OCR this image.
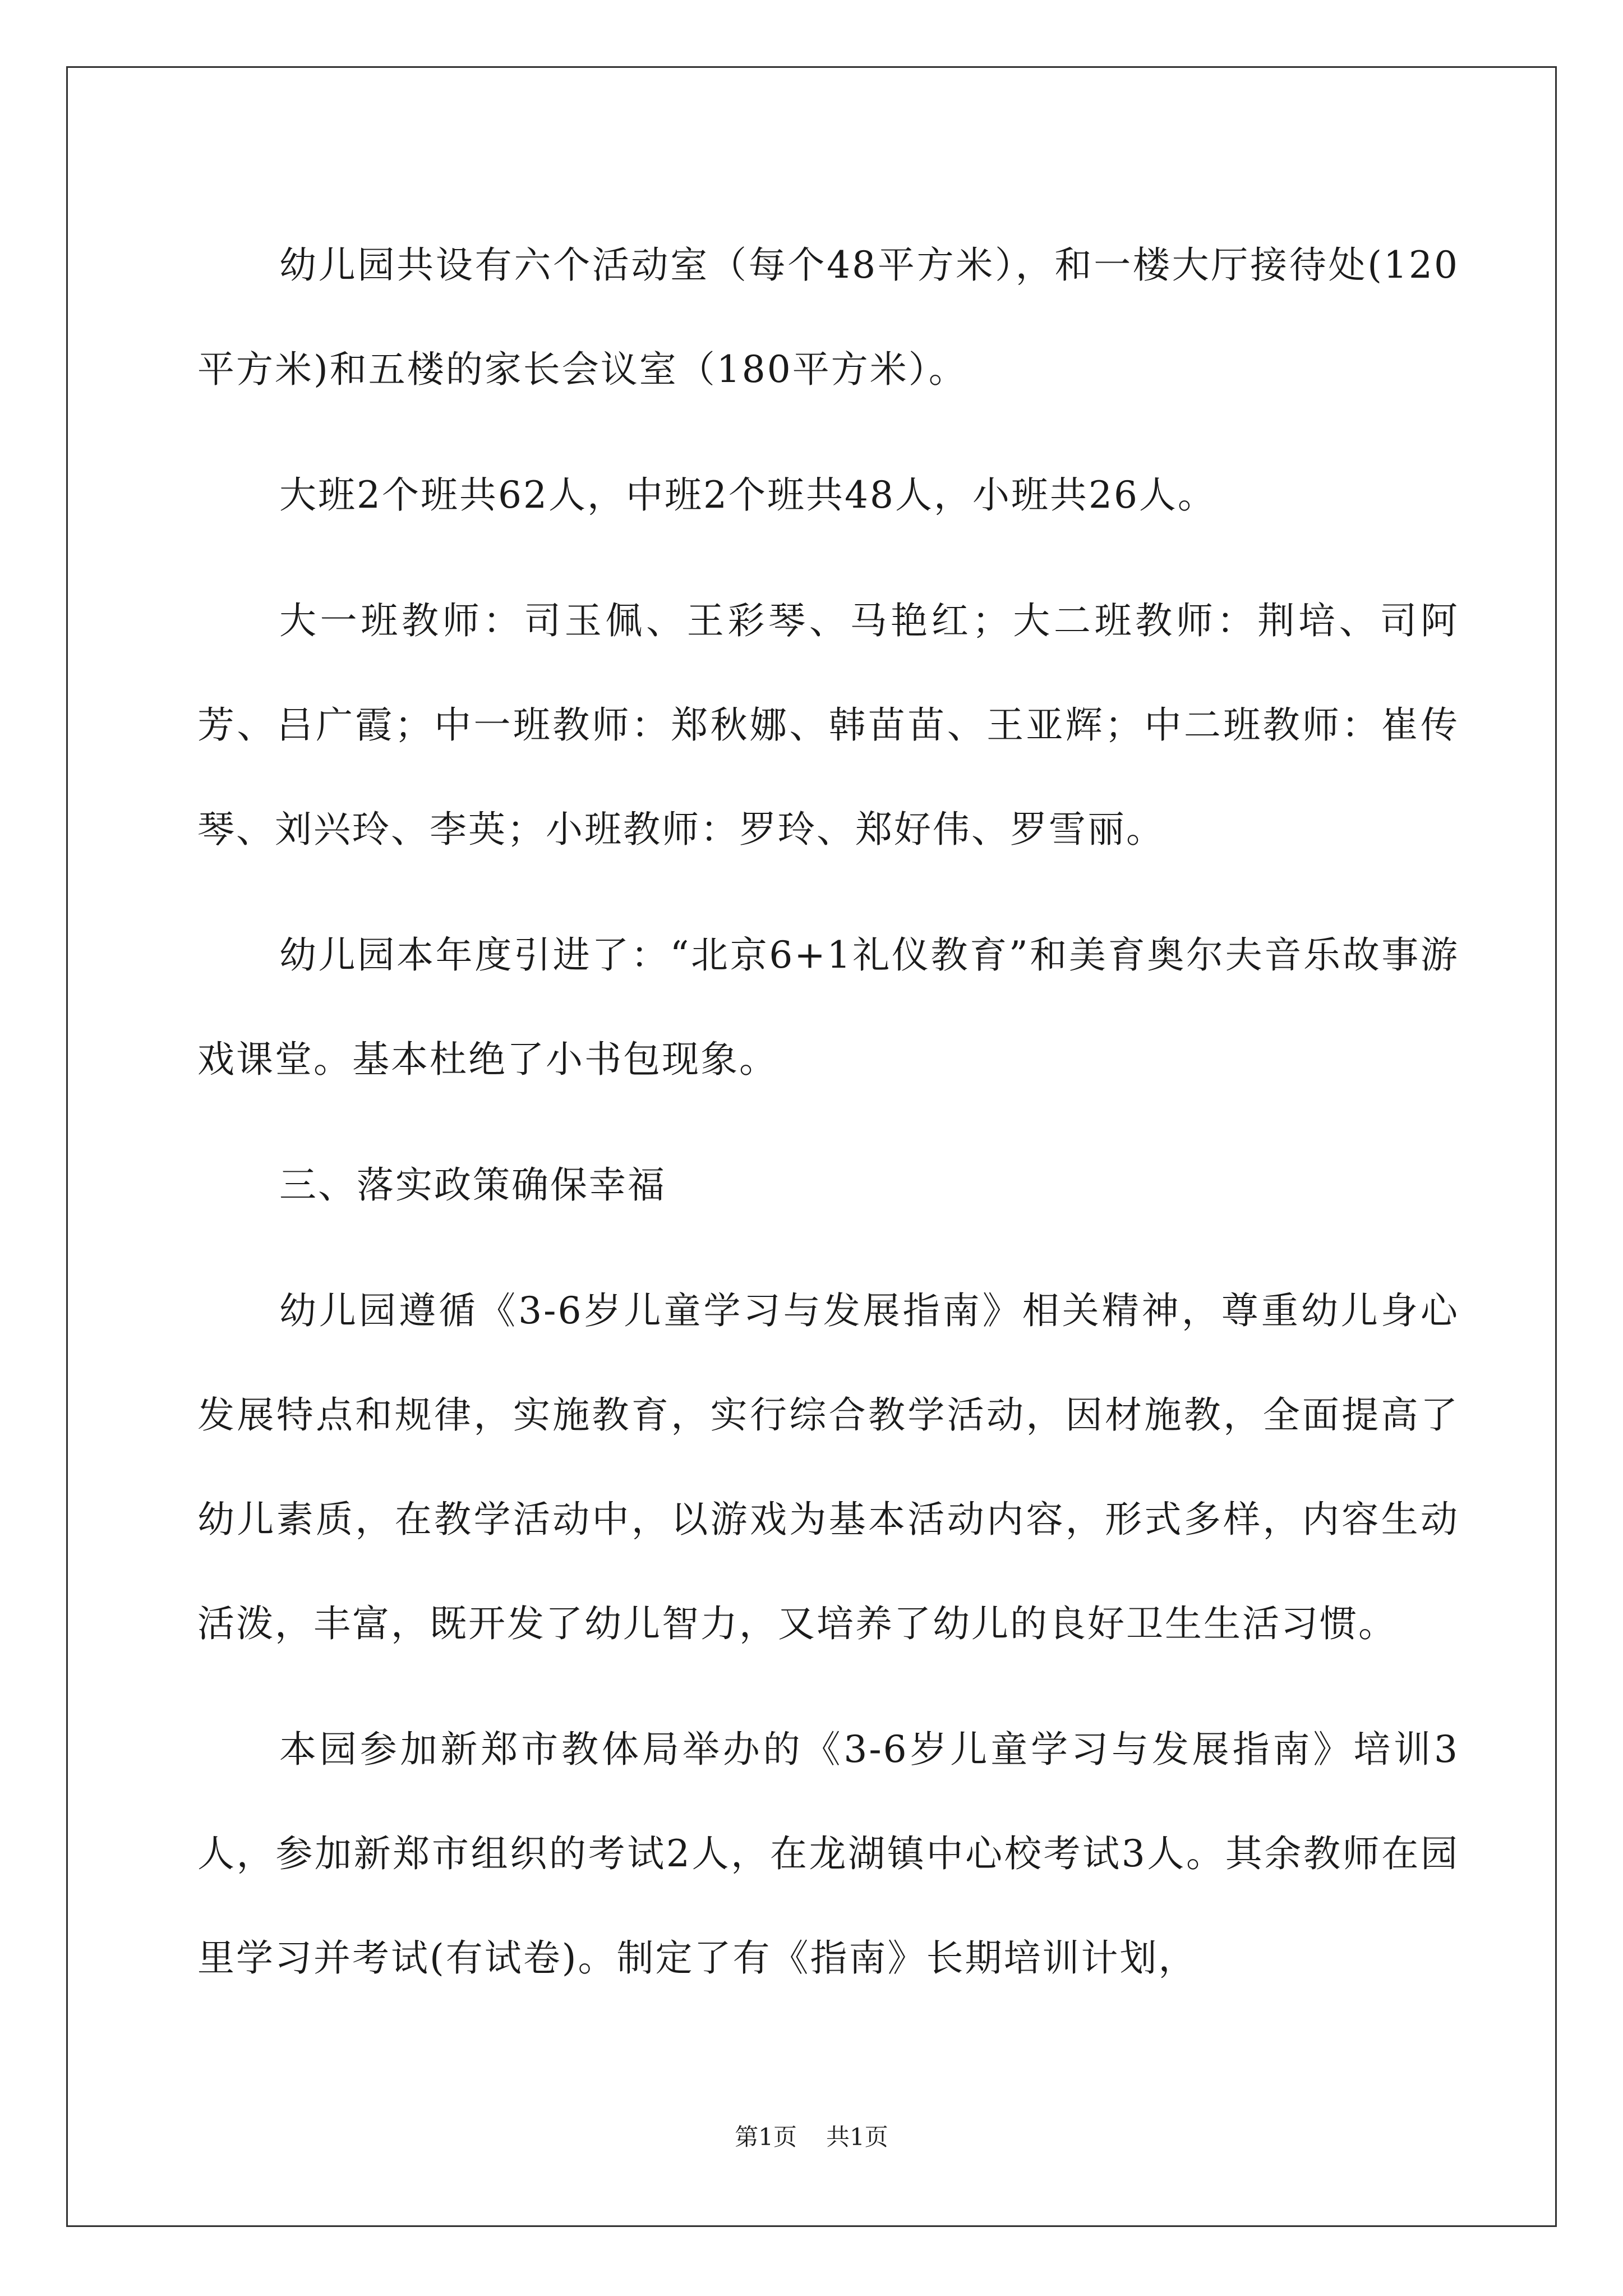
幼儿园共设有六个活动室（每个48平方米），和一楼大厅接待处(120平方米)和五楼的家长会议室（180平方米）。

大班2个班共62人，中班2个班共48人，小班共26人。

大一班教师：司玉佩、王彩琴、马艳红；大二班教师：荆培、司阿芳、吕广霞；中一班教师：郑秋娜、韩苗苗、王亚辉；中二班教师：崔传琴、刘兴玲、李英；小班教师：罗玲、郑好伟、罗雪丽。

幼儿园本年度引进了：“北京6+1礼仪教育”和美育奥尔夫音乐故事游戏课堂。基本杜绝了小书包现象。

三、落实政策确保幸福

幼儿园遵循《3-6岁儿童学习与发展指南》相关精神，尊重幼儿身心发展特点和规律，实施教育，实行综合教学活动，因材施教，全面提高了幼儿素质，在教学活动中，以游戏为基本活动内容，形式多样，内容生动活泼，丰富，既开发了幼儿智力，又培养了幼儿的良好卫生生活习惯。

本园参加新郑市教体局举办的《3-6岁儿童学习与发展指南》培训3人，参加新郑市组织的考试2人，在龙湖镇中心校考试3人。其余教师在园里学习并考试(有试卷)。制定了有《指南》长期培训计划，

第1页 共1页
